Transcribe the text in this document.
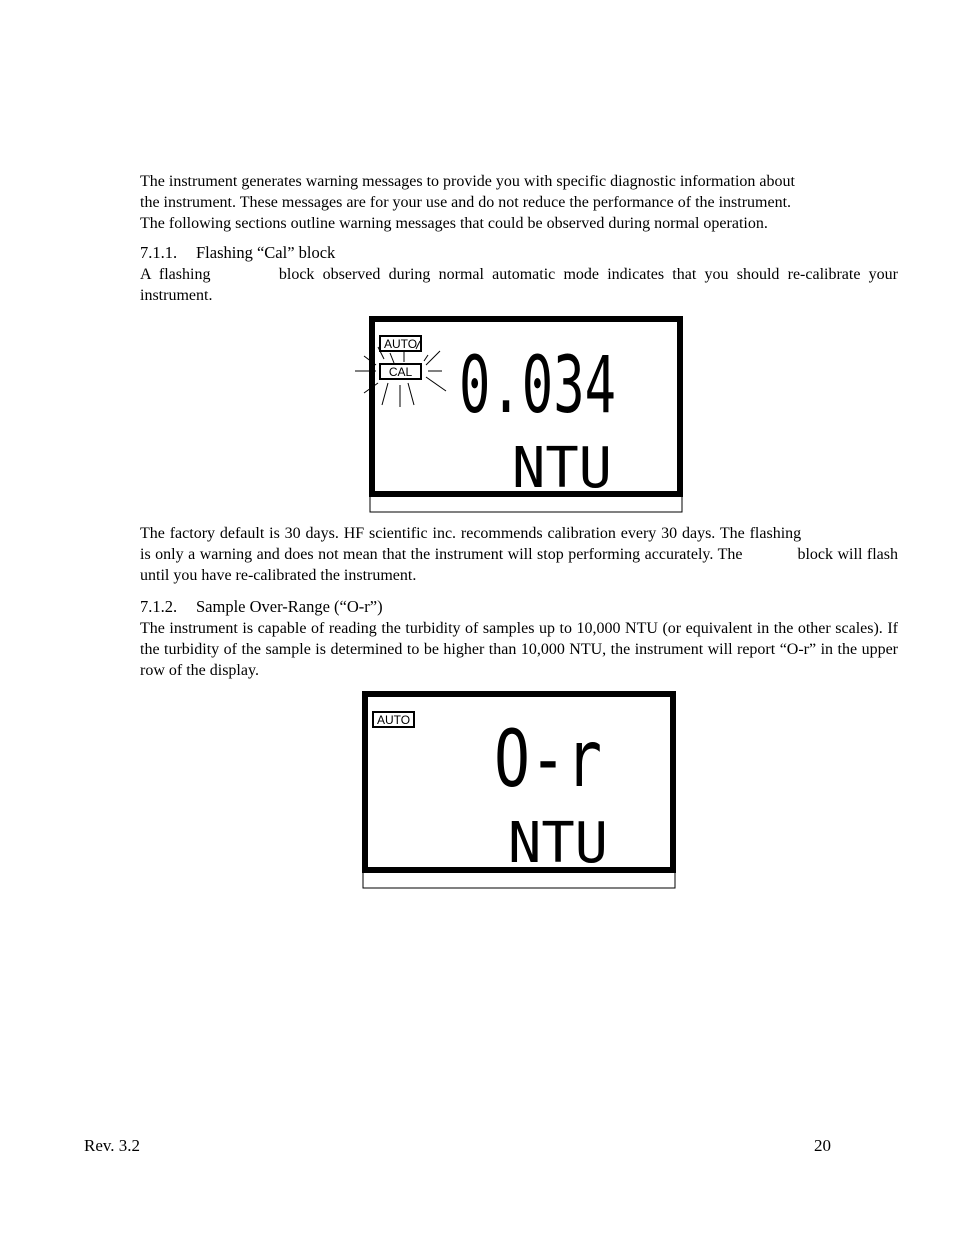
The instrument generates warning messages to provide you with specific diagnostic information about
the instrument. These messages are for your use and do not reduce the performance of the instrument.
The following sections outline warning messages that could be observed during normal operation.
7.1.1. Flashing “Cal” block

A flashing	block observed during normal automatic mode indicates that you should re-calibrate your instrument.

AUTO
CAL 0.034
NTU

The factory default is 30 days. HF scientific inc. recommends calibration every 30 days. The flashing  is only a warning and does not mean that the instrument will stop performing accurately. The	block will flash until you have re-calibrated the instrument.

7.1.2. Sample Over-Range (“O-r”)

The instrument is capable of reading the turbidity of samples up to 10,000 NTU (or equivalent in the other scales). If the turbidity of the sample is determined to be higher than 10,000 NTU, the instrument will report “O-r” in the upper row of the display.

AUTO O-r
NTU
Rev. 3.2	20
